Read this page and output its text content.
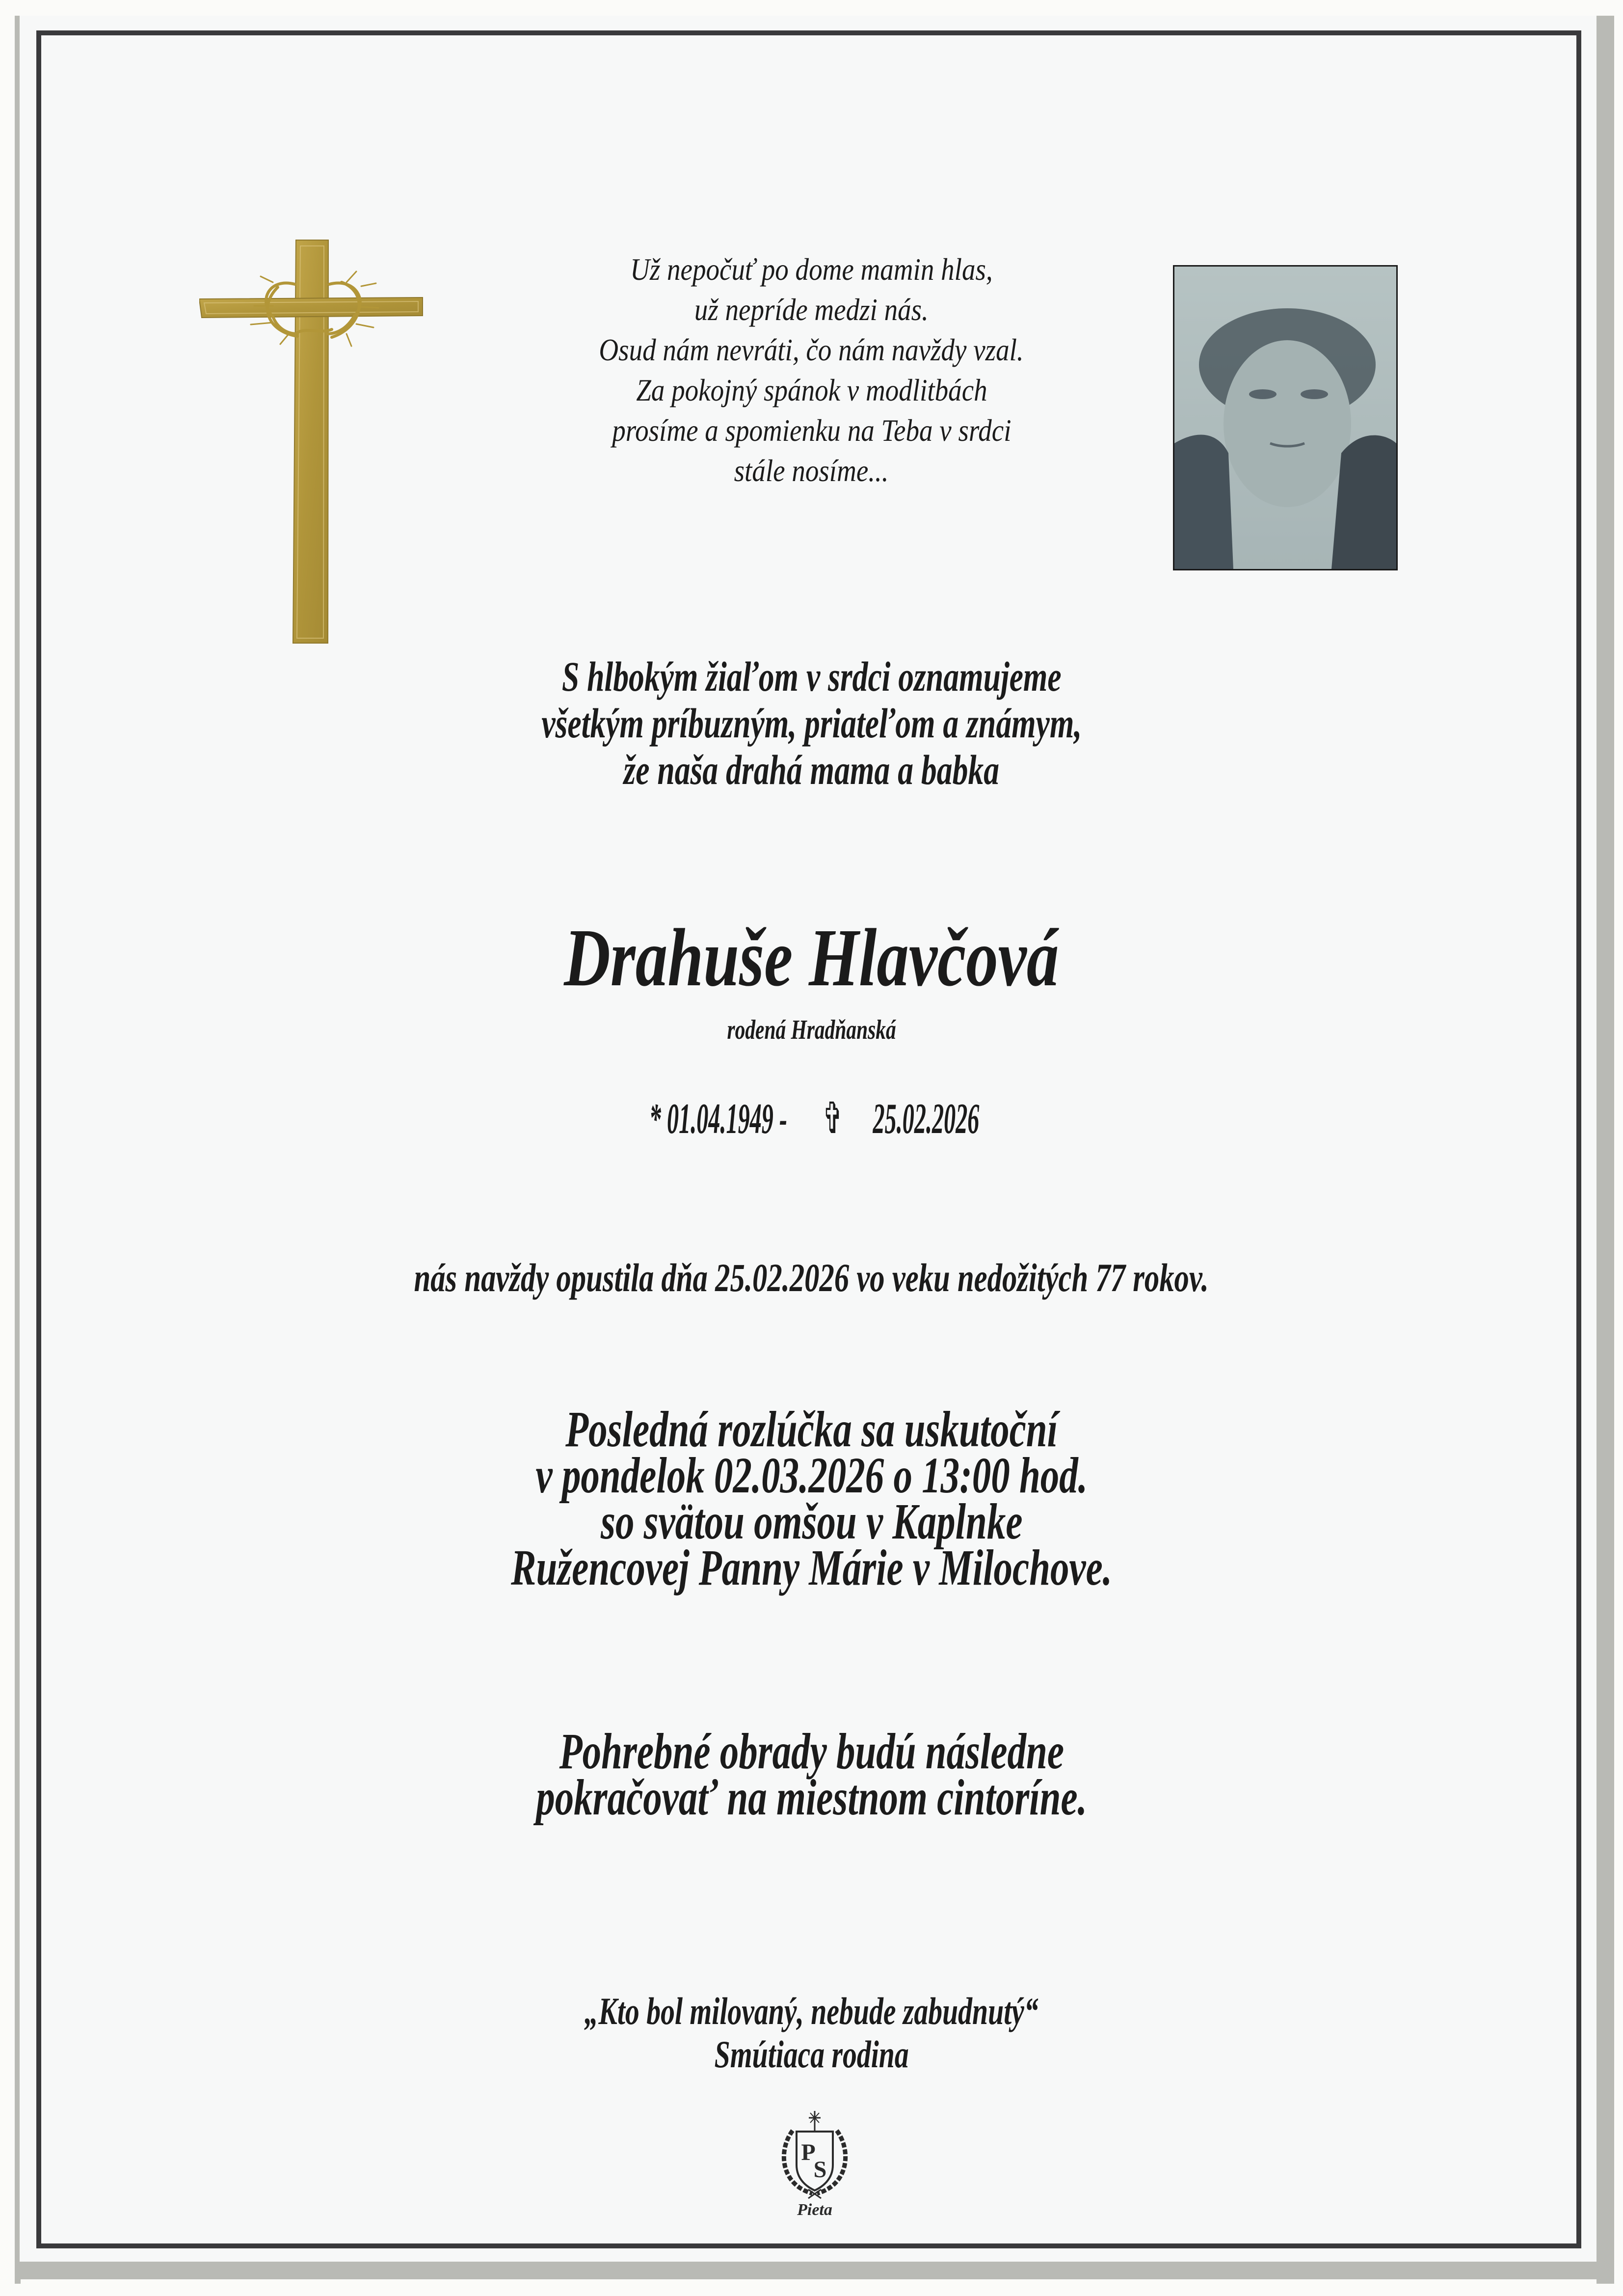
Už nepočuť po dome mamin hlas,
už nepríde medzi nás.
Osud nám nevráti, čo nám navždy vzal.
Za pokojný spánok v modlitbách
prosíme a spomienku na Teba v srdci
stále nosíme...
S hlbokým žiaľom v srdci oznamujeme
všetkým príbuzným, priateľom a známym,
že naša drahá mama a babka
Drahuše Hlavčová
rodená Hradňanská
* 01.04.1949 - ✞ 25.02.2026
nás navždy opustila dňa 25.02.2026 vo veku nedožitých 77 rokov.
Posledná rozlúčka sa uskutoční
v pondelok 02.03.2026 o 13:00 hod.
so svätou omšou v Kaplnke
Ružencovej Panny Márie v Milochove.
Pohrebné obrady budú následne
pokračovať na miestnom cintoríne.
„Kto bol milovaný, nebude zabudnutý“
Smútiaca rodina
P
S
Pieta
